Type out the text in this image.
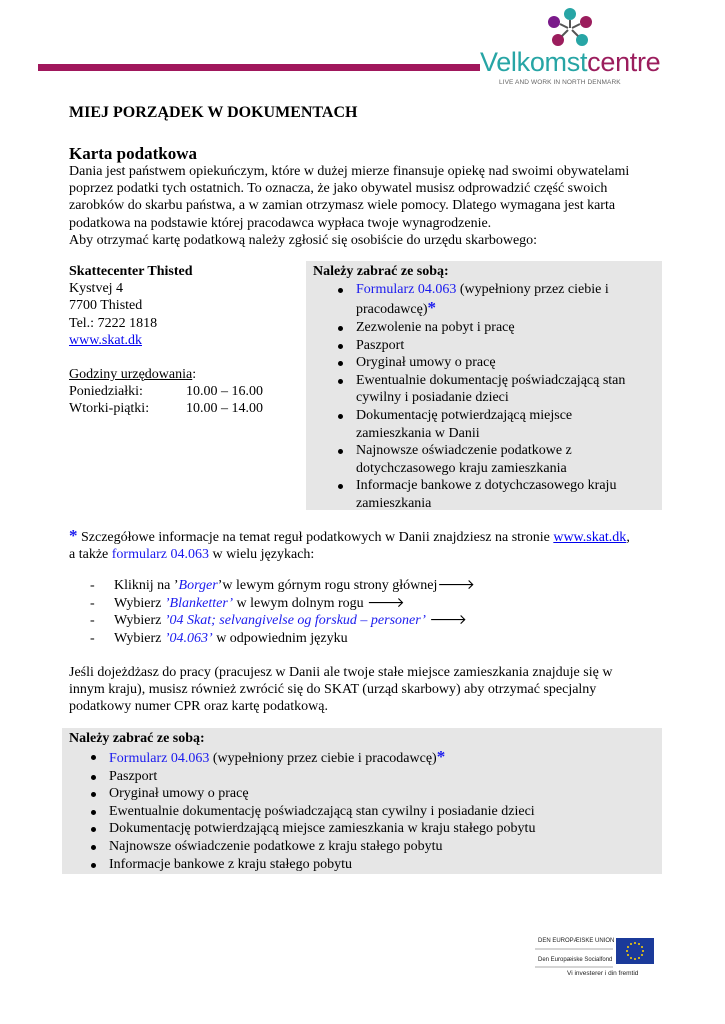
Velkomstcentre
LIVE AND WORK IN NORTH DENMARK
MIEJ PORZĄDEK W DOKUMENTACH
Karta podatkowa
Dania jest państwem opiekuńczym, które w dużej mierze finansuje opiekę nad swoimi obywatelami
poprzez podatki tych ostatnich. To oznacza, że jako obywatel musisz odprowadzić część swoich
zarobków do skarbu państwa, a w zamian otrzymasz wiele pomocy. Dlatego wymagana jest karta
podatkowa na podstawie której pracodawca wypłaca twoje wynagrodzenie.
Aby otrzymać kartę podatkową należy zgłosić się osobiście do urzędu skarbowego:
Skattecenter Thisted
Kystvej 4
7700 Thisted
Tel.: 7222 1818
www.skat.dk
Godziny urzędowania:
Poniedziałki:	10.00 – 16.00
Wtorki-piątki:	10.00 – 14.00
Należy zabrać ze sobą:
Formularz 04.063 (wypełniony przez ciebie i
pracodawcę)*
Zezwolenie na pobyt i pracę
Paszport
Oryginał umowy o pracę
Ewentualnie dokumentację poświadczającą stan
cywilny i posiadanie dzieci
Dokumentację potwierdzającą miejsce
zamieszkania w Danii
Najnowsze oświadczenie podatkowe z
dotychczasowego kraju zamieszkania
Informacje bankowe z dotychczasowego kraju
zamieszkania
* Szczegółowe informacje na temat reguł podatkowych w Danii znajdziesz na stronie www.skat.dk,
a także formularz 04.063 w wielu językach:
- Kliknij na ’Borger’w lewym górnym rogu strony głównej🡒
- Wybierz ’Blanketter’ w lewym dolnym rogu 🡒
- Wybierz ’04 Skat; selvangivelse og forskud – personer’ 🡒
- Wybierz ’04.063’ w odpowiednim języku
Jeśli dojeżdżasz do pracy (pracujesz w Danii ale twoje stałe miejsce zamieszkania znajduje się w
innym kraju), musisz również zwrócić się do SKAT (urząd skarbowy) aby otrzymać specjalny
podatkowy numer CPR oraz kartę podatkową.
Należy zabrać ze sobą:
Formularz 04.063 (wypełniony przez ciebie i pracodawcę)*
Paszport
Oryginał umowy o pracę
Ewentualnie dokumentację poświadczającą stan cywilny i posiadanie dzieci
Dokumentację potwierdzającą miejsce zamieszkania w kraju stałego pobytu
Najnowsze oświadczenie podatkowe z kraju stałego pobytu
Informacje bankowe z kraju stałego pobytu
DEN EUROPÆISKE UNION
Den Europæiske Socialfond
Vi investerer i din fremtid
